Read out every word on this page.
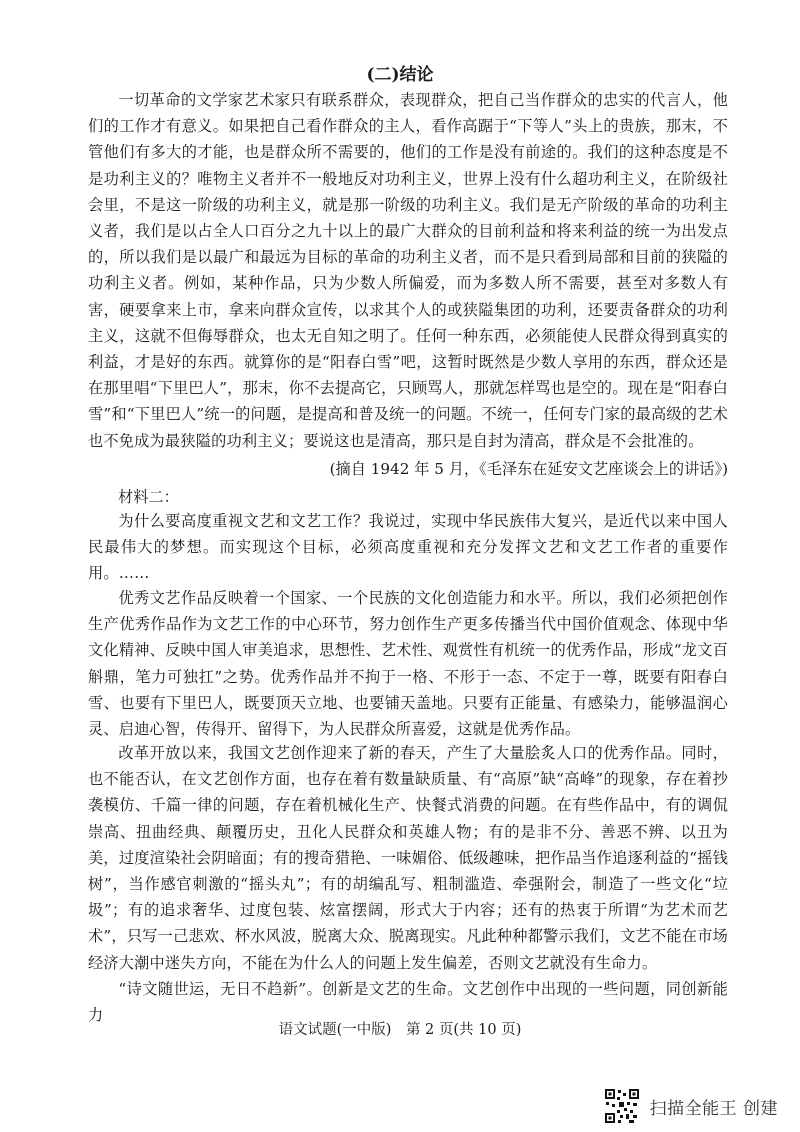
(二)结论

一切革命的文学家艺术家只有联系群众，表现群众，把自己当作群众的忠实的代言人，他们的工作才有意义。如果把自己看作群众的主人，看作高踞于“下等人”头上的贵族，那末，不管他们有多大的才能，也是群众所不需要的，他们的工作是没有前途的。我们的这种态度是不是功利主义的？唯物主义者并不一般地反对功利主义，世界上没有什么超功利主义，在阶级社会里，不是这一阶级的功利主义，就是那一阶级的功利主义。我们是无产阶级的革命的功利主义者，我们是以占全人口百分之九十以上的最广大群众的目前利益和将来利益的统一为出发点的，所以我们是以最广和最远为目标的革命的功利主义者，而不是只看到局部和目前的狭隘的功利主义者。例如，某种作品，只为少数人所偏爱，而为多数人所不需要，甚至对多数人有害，硬要拿来上市，拿来向群众宣传，以求其个人的或狭隘集团的功利，还要责备群众的功利主义，这就不但侮辱群众，也太无自知之明了。任何一种东西，必须能使人民群众得到真实的利益，才是好的东西。就算你的是“阳春白雪”吧，这暂时既然是少数人享用的东西，群众还是在那里唱“下里巴人”，那末，你不去提高它，只顾骂人，那就怎样骂也是空的。现在是“阳春白雪”和“下里巴人”统一的问题，是提高和普及统一的问题。不统一，任何专门家的最高级的艺术也不免成为最狭隘的功利主义；要说这也是清高，那只是自封为清高，群众是不会批准的。

(摘自 1942 年 5 月，《毛泽东在延安文艺座谈会上的讲话》)
材料二：

为什么要高度重视文艺和文艺工作？我说过，实现中华民族伟大复兴，是近代以来中国人民最伟大的梦想。而实现这个目标，必须高度重视和充分发挥文艺和文艺工作者的重要作用。……

优秀文艺作品反映着一个国家、一个民族的文化创造能力和水平。所以，我们必须把创作生产优秀作品作为文艺工作的中心环节，努力创作生产更多传播当代中国价值观念、体现中华文化精神、反映中国人审美追求，思想性、艺术性、观赏性有机统一的优秀作品，形成“龙文百斛鼎，笔力可独扛”之势。优秀作品并不拘于一格、不形于一态、不定于一尊，既要有阳春白雪、也要有下里巴人，既要顶天立地、也要铺天盖地。只要有正能量、有感染力，能够温润心灵、启迪心智，传得开、留得下，为人民群众所喜爱，这就是优秀作品。

改革开放以来，我国文艺创作迎来了新的春天，产生了大量脍炙人口的优秀作品。同时，也不能否认，在文艺创作方面，也存在着有数量缺质量、有“高原”缺“高峰”的现象，存在着抄袭模仿、千篇一律的问题，存在着机械化生产、快餐式消费的问题。在有些作品中，有的调侃崇高、扭曲经典、颠覆历史，丑化人民群众和英雄人物；有的是非不分、善恶不辨、以丑为美，过度渲染社会阴暗面；有的搜奇猎艳、一味媚俗、低级趣味，把作品当作追逐利益的“摇钱树”，当作感官刺激的“摇头丸”；有的胡编乱写、粗制滥造、牵强附会，制造了一些文化“垃圾”；有的追求奢华、过度包装、炫富摆阔，形式大于内容；还有的热衷于所谓“为艺术而艺术”，只写一己悲欢、杯水风波，脱离大众、脱离现实。凡此种种都警示我们，文艺不能在市场经济大潮中迷失方向，不能在为什么人的问题上发生偏差，否则文艺就没有生命力。

“诗文随世运，无日不趋新”。创新是文艺的生命。文艺创作中出现的一些问题，同创新能力

语文试题(一中版)　第 2 页(共 10 页)
扫描全能王 创建
